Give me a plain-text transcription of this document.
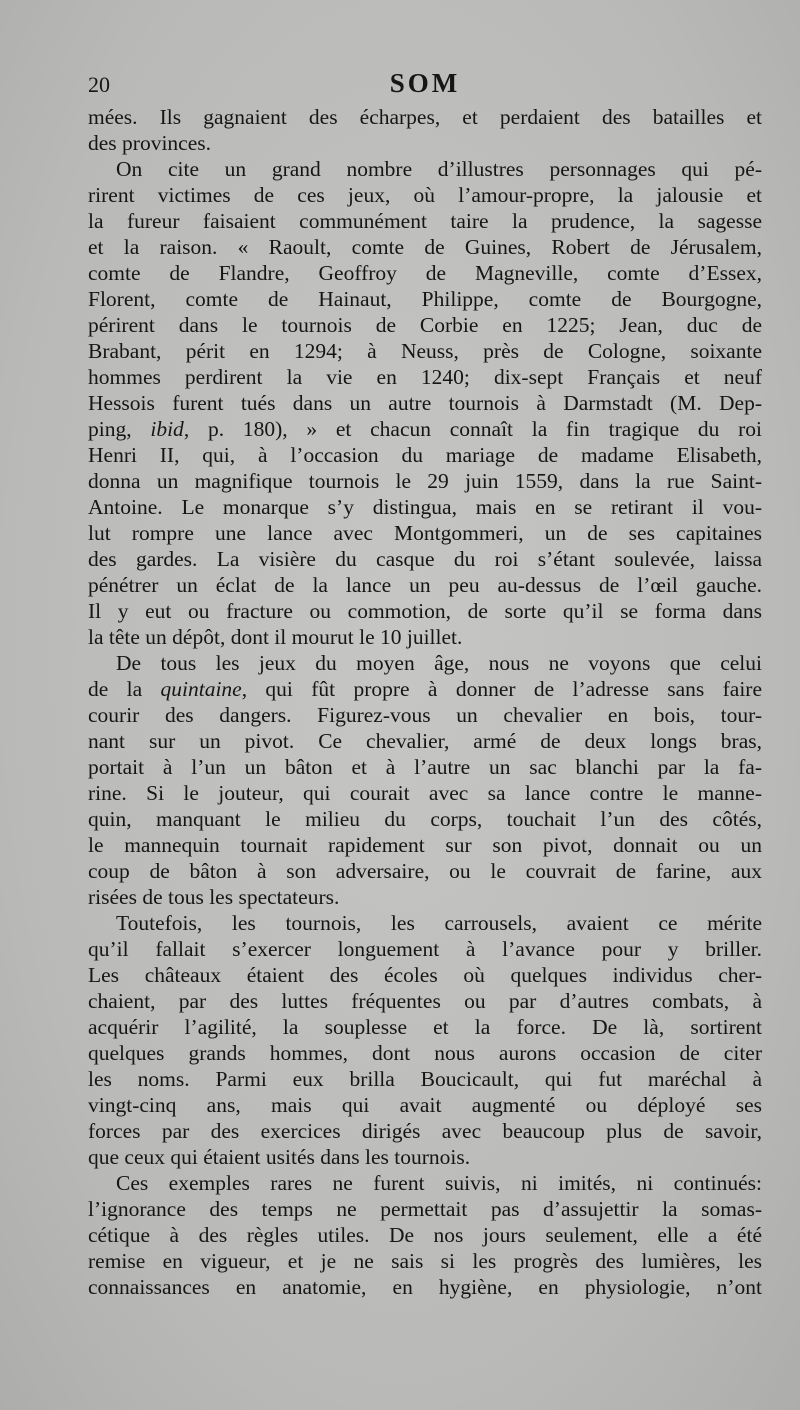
20	SOM
mées. Ils gagnaient des écharpes, et perdaient des batailles et
des provinces.
On cite un grand nombre d’illustres personnages qui pé-
rirent victimes de ces jeux, où l’amour-propre, la jalousie et
la fureur faisaient communément taire la prudence, la sagesse
et la raison. « Raoult, comte de Guines, Robert de Jérusalem,
comte de Flandre, Geoffroy de Magneville, comte d’Essex,
Florent, comte de Hainaut, Philippe, comte de Bourgogne,
périrent dans le tournois de Corbie en 1225; Jean, duc de
Brabant, périt en 1294; à Neuss, près de Cologne, soixante
hommes perdirent la vie en 1240; dix-sept Français et neuf
Hessois furent tués dans un autre tournois à Darmstadt (M. Dep-
ping, ibid, p. 180), » et chacun connaît la fin tragique du roi
Henri II, qui, à l’occasion du mariage de madame Elisabeth,
donna un magnifique tournois le 29 juin 1559, dans la rue Saint-
Antoine. Le monarque s’y distingua, mais en se retirant il vou-
lut rompre une lance avec Montgommeri, un de ses capitaines
des gardes. La visière du casque du roi s’étant soulevée, laissa
pénétrer un éclat de la lance un peu au-dessus de l’œil gauche.
Il y eut ou fracture ou commotion, de sorte qu’il se forma dans
la tête un dépôt, dont il mourut le 10 juillet.
De tous les jeux du moyen âge, nous ne voyons que celui
de la quintaine, qui fût propre à donner de l’adresse sans faire
courir des dangers. Figurez-vous un chevalier en bois, tour-
nant sur un pivot. Ce chevalier, armé de deux longs bras,
portait à l’un un bâton et à l’autre un sac blanchi par la fa-
rine. Si le jouteur, qui courait avec sa lance contre le manne-
quin, manquant le milieu du corps, touchait l’un des côtés,
le mannequin tournait rapidement sur son pivot, donnait ou un
coup de bâton à son adversaire, ou le couvrait de farine, aux
risées de tous les spectateurs.
Toutefois, les tournois, les carrousels, avaient ce mérite
qu’il fallait s’exercer longuement à l’avance pour y briller.
Les châteaux étaient des écoles où quelques individus cher-
chaient, par des luttes fréquentes ou par d’autres combats, à
acquérir l’agilité, la souplesse et la force. De là, sortirent
quelques grands hommes, dont nous aurons occasion de citer
les noms. Parmi eux brilla Boucicault, qui fut maréchal à
vingt-cinq ans, mais qui avait augmenté ou déployé ses
forces par des exercices dirigés avec beaucoup plus de savoir,
que ceux qui étaient usités dans les tournois.
Ces exemples rares ne furent suivis, ni imités, ni continués:
l’ignorance des temps ne permettait pas d’assujettir la somas-
cétique à des règles utiles. De nos jours seulement, elle a été
remise en vigueur, et je ne sais si les progrès des lumières, les
connaissances en anatomie, en hygiène, en physiologie, n’ont
